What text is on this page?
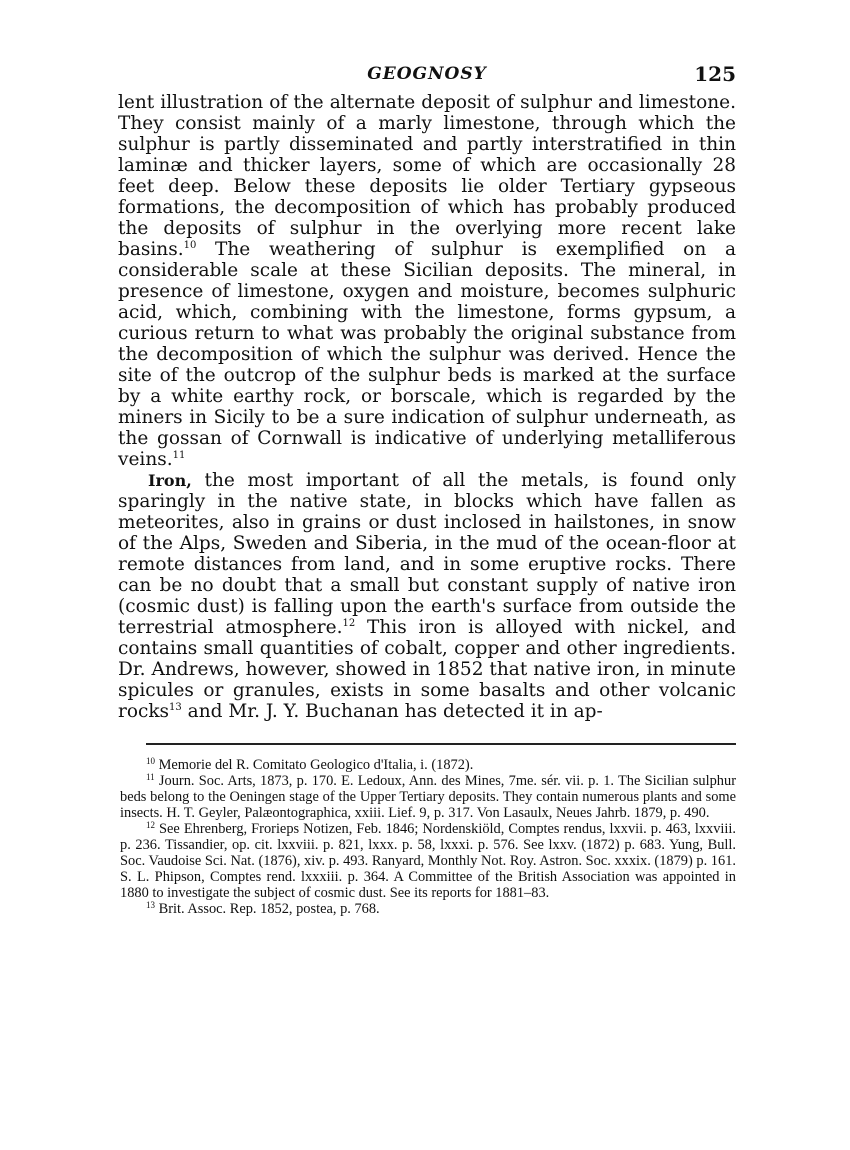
GEOGNOSY	125

lent illustration of the alternate deposit of sulphur and limestone. They consist mainly of a marly limestone, through which the sulphur is partly disseminated and partly interstratified in thin laminæ and thicker layers, some of which are occasionally 28 feet deep. Below these deposits lie older Tertiary gypseous formations, the decomposition of which has probably produced the deposits of sulphur in the overlying more recent lake basins.$^{10}$ The weathering of sulphur is exemplified on a considerable scale at these Sicilian deposits. The mineral, in presence of limestone, oxygen and moisture, becomes sulphuric acid, which, combining with the limestone, forms gypsum, a curious return to what was probably the original substance from the decomposition of which the sulphur was derived. Hence the site of the outcrop of the sulphur beds is marked at the surface by a white earthy rock, or borscale, which is regarded by the miners in Sicily to be a sure indication of sulphur underneath, as the gossan of Cornwall is indicative of underlying metalliferous veins.$^{11}$

Iron, the most important of all the metals, is found only sparingly in the native state, in blocks which have fallen as meteorites, also in grains or dust inclosed in hailstones, in snow of the Alps, Sweden and Siberia, in the mud of the ocean-floor at remote distances from land, and in some eruptive rocks. There can be no doubt that a small but constant supply of native iron (cosmic dust) is falling upon the earth's surface from outside the terrestrial atmosphere.$^{12}$ This iron is alloyed with nickel, and contains small quantities of cobalt, copper and other ingredients. Dr. Andrews, however, showed in 1852 that native iron, in minute spicules or granules, exists in some basalts and other volcanic rocks$^{13}$ and Mr. J. Y. Buchanan has detected it in ap-

$^{10}$ Memorie del R. Comitato Geologico d'Italia, i. (1872).

$^{11}$ Journ. Soc. Arts, 1873, p. 170. E. Ledoux, Ann. des Mines, 7me. sér. vii. p. 1. The Sicilian sulphur beds belong to the Oeningen stage of the Upper Tertiary deposits. They contain numerous plants and some insects. H. T. Geyler, Palæontographica, xxiii. Lief. 9, p. 317. Von Lasaulx, Neues Jahrb. 1879, p. 490.

$^{12}$ See Ehrenberg, Frorieps Notizen, Feb. 1846; Nordenskiöld, Comptes rendus, lxxvii. p. 463, lxxviii. p. 236. Tissandier, op. cit. lxxviii. p. 821, lxxx. p. 58, lxxxi. p. 576. See lxxv. (1872) p. 683. Yung, Bull. Soc. Vaudoise Sci. Nat. (1876), xiv. p. 493. Ranyard, Monthly Not. Roy. Astron. Soc. xxxix. (1879) p. 161. S. L. Phipson, Comptes rend. lxxxiii. p. 364. A Committee of the British Association was appointed in 1880 to investigate the subject of cosmic dust. See its reports for 1881–83.

$^{13}$ Brit. Assoc. Rep. 1852, postea, p. 768.
